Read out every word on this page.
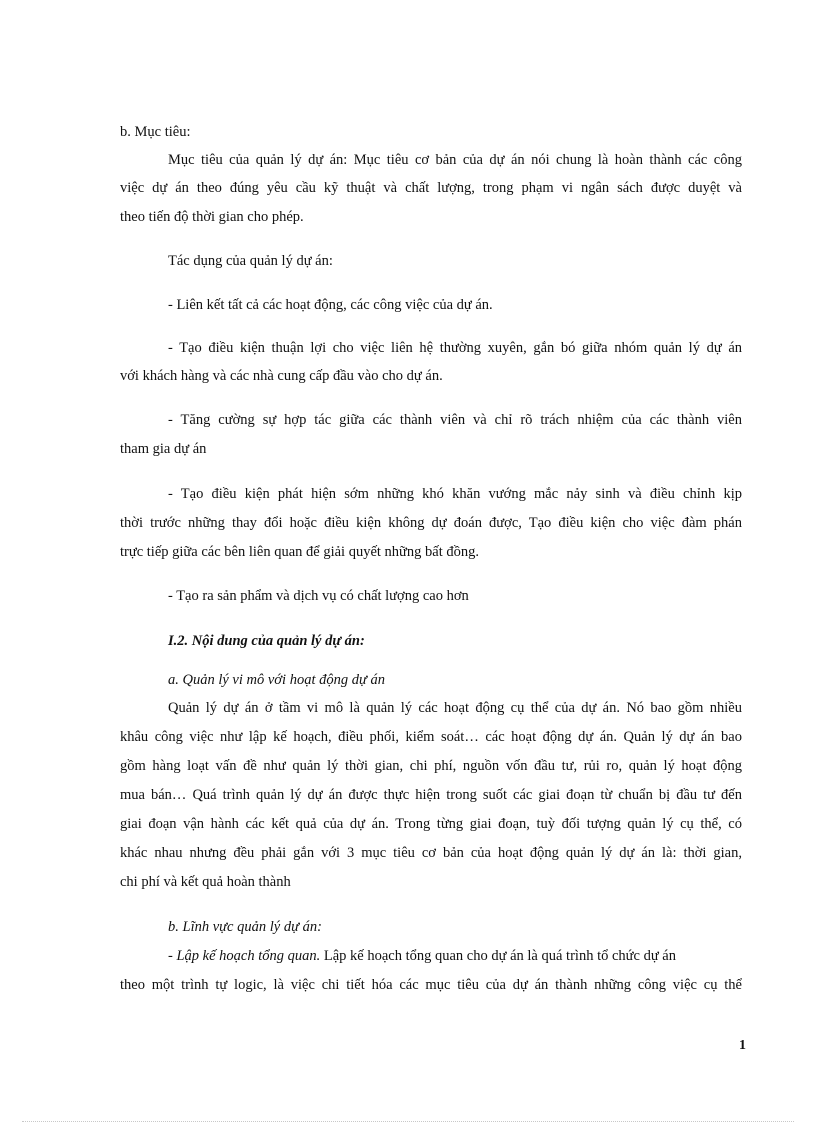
b. Mục tiêu:
Mục tiêu của quản lý dự án: Mục tiêu cơ bản của dự án nói chung là hoàn thành các công
việc dự án theo đúng yêu cầu kỹ thuật và chất lượng, trong phạm vi ngân sách được duyệt và
theo tiến độ thời gian cho phép.
Tác dụng của quản lý dự án:
- Liên kết tất cả các hoạt động, các công việc của dự án.
- Tạo điều kiện thuận lợi cho việc liên hệ thường xuyên, gắn bó giữa nhóm quản lý dự án
với khách hàng và các nhà cung cấp đầu vào cho dự án.
- Tăng cường sự hợp tác giữa các thành viên và chỉ rõ trách nhiệm của các thành viên
tham gia dự án
- Tạo điều kiện phát hiện sớm những khó khăn vướng mắc nảy sinh và điều chỉnh kịp
thời trước những thay đổi hoặc điều kiện không dự đoán được, Tạo điều kiện cho việc đàm phán
trực tiếp giữa các bên liên quan để giải quyết những bất đồng.
- Tạo ra sản phẩm và dịch vụ có chất lượng cao hơn
I.2. Nội dung của quản lý dự án:
a. Quản lý vi mô với hoạt động dự án
Quản lý dự án ở tầm vi mô là quản lý các hoạt động cụ thể của dự án. Nó bao gồm nhiều
khâu công việc như lập kế hoạch, điều phối, kiểm soát… các hoạt động dự án. Quản lý dự án bao
gồm hàng loạt vấn đề như quản lý thời gian, chi phí, nguồn vốn đầu tư, rủi ro, quản lý hoạt động
mua bán… Quá trình quản lý dự án được thực hiện trong suốt các giai đoạn từ chuẩn bị đầu tư đến
giai đoạn vận hành các kết quả của dự án. Trong từng giai đoạn, tuỳ đối tượng quản lý cụ thể, có
khác nhau nhưng đều phải gắn với 3 mục tiêu cơ bản của hoạt động quản lý dự án là: thời gian,
chi phí và kết quả hoàn thành
b. Lĩnh vực quản lý dự án:
- Lập kế hoạch tổng quan. Lập kế hoạch tổng quan cho dự án là quá trình tổ chức dự án
theo một trình tự logic, là việc chi tiết hóa các mục tiêu của dự án thành những công việc cụ thể
1
